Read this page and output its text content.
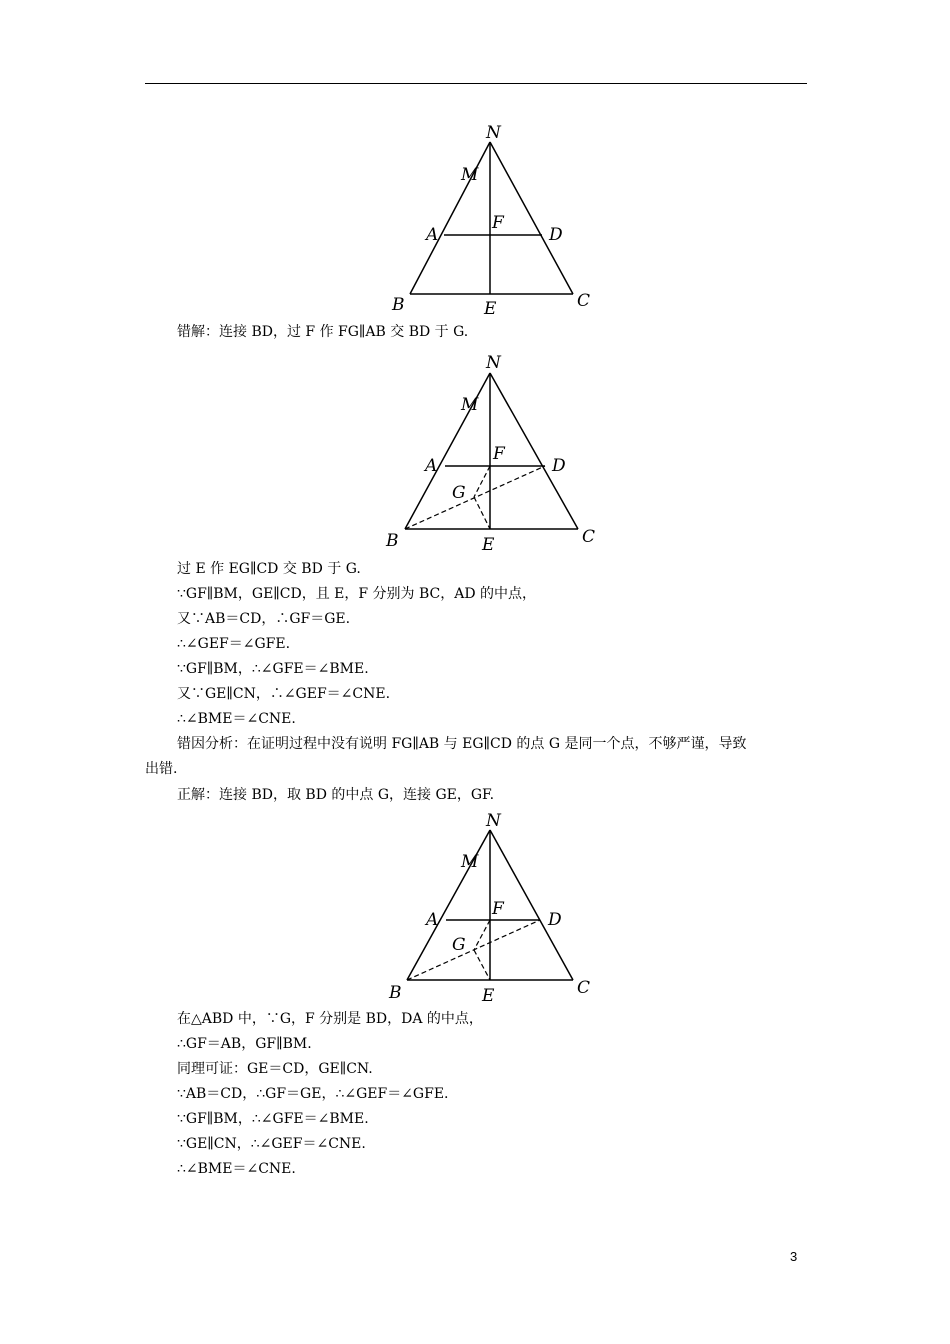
N
M
A
F
D
B	E	C
错解：连接 BD，过 F 作 FG∥AB 交 BD 于 G.
N
M
A
F
D
G
B	E	C
过 E 作 EG∥CD 交 BD 于 G.
∵GF∥BM，GE∥CD，且 E，F 分别为 BC，AD 的中点，
又∵AB＝CD，∴GF＝GE.
∴∠GEF＝∠GFE.
∵GF∥BM，∴∠GFE＝∠BME.
又∵GE∥CN，∴∠GEF＝∠CNE.
∴∠BME＝∠CNE.
错因分析：在证明过程中没有说明 FG∥AB 与 EG∥CD 的点 G 是同一个点，不够严谨，导致
出错.
正解：连接 BD，取 BD 的中点 G，连接 GE，GF.
N
M
A
F
D
G
B	E	C
在△ABD 中，∵G，F 分别是 BD，DA 的中点，
∴GF＝AB，GF∥BM.
同理可证：GE＝CD，GE∥CN.
∵AB＝CD，∴GF＝GE，∴∠GEF＝∠GFE.
∵GF∥BM，∴∠GFE＝∠BME.
∵GE∥CN，∴∠GEF＝∠CNE.
∴∠BME＝∠CNE.
3
